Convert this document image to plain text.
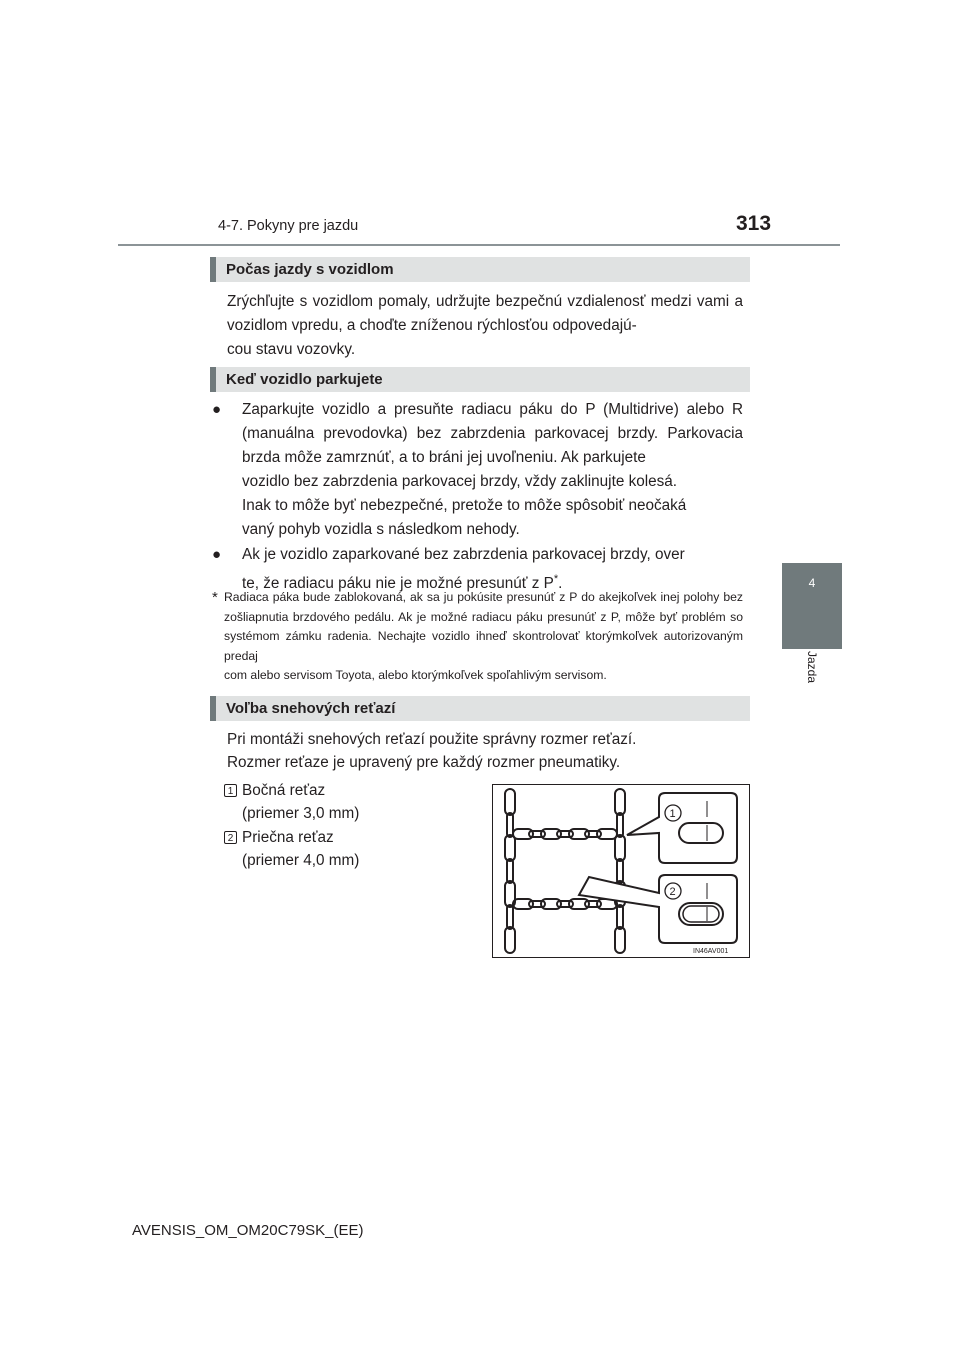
4-7. Pokyny pre jazdu	313
4
Jazda
Počas jazdy s vozidlom
Zrýchľujte s vozidlom pomaly, udržujte bezpečnú vzdialenosť medzi vami a vozidlom vpredu, a choďte zníženou rýchlosťou odpovedajú-
cou stavu vozovky.
Keď vozidlo parkujete
● Zaparkujte vozidlo a presuňte radiacu páku do P (Multidrive) alebo R (manuálna prevodovka) bez zabrzdenia parkovacej brzdy. Parkovacia brzda môže zamrznúť, a to bráni jej uvoľneniu. Ak parkujete
vozidlo bez zabrzdenia parkovacej brzdy, vždy zaklinujte kolesá.
Inak to môže byť nebezpečné, pretože to môže spôsobiť neočaká
vaný pohyb vozidla s následkom nehody.
● Ak je vozidlo zaparkované bez zabrzdenia parkovacej brzdy, over
te, že radiacu páku nie je možné presunúť z P*.
* Radiaca páka bude zablokovaná, ak sa ju pokúsite presunúť z P do akejkoľvek inej polohy bez zošliapnutia brzdového pedálu. Ak je možné radiacu páku presunúť z P, môže byť problém so systémom zámku radenia. Nechajte vozidlo ihneď skontrolovať ktorýmkoľvek autorizovaným predaj
com alebo servisom Toyota, alebo ktorýmkoľvek spoľahlivým servisom.
Voľba snehových reťazí
Pri montáži snehových reťazí použite správny rozmer reťazí.
Rozmer reťaze je upravený pre každý rozmer pneumatiky.
1 Bočná reťaz
(priemer 3,0 mm)
2 Priečna reťaz
(priemer 4,0 mm)
1
2
IN46AV001
AVENSIS_OM_OM20C79SK_(EE)
